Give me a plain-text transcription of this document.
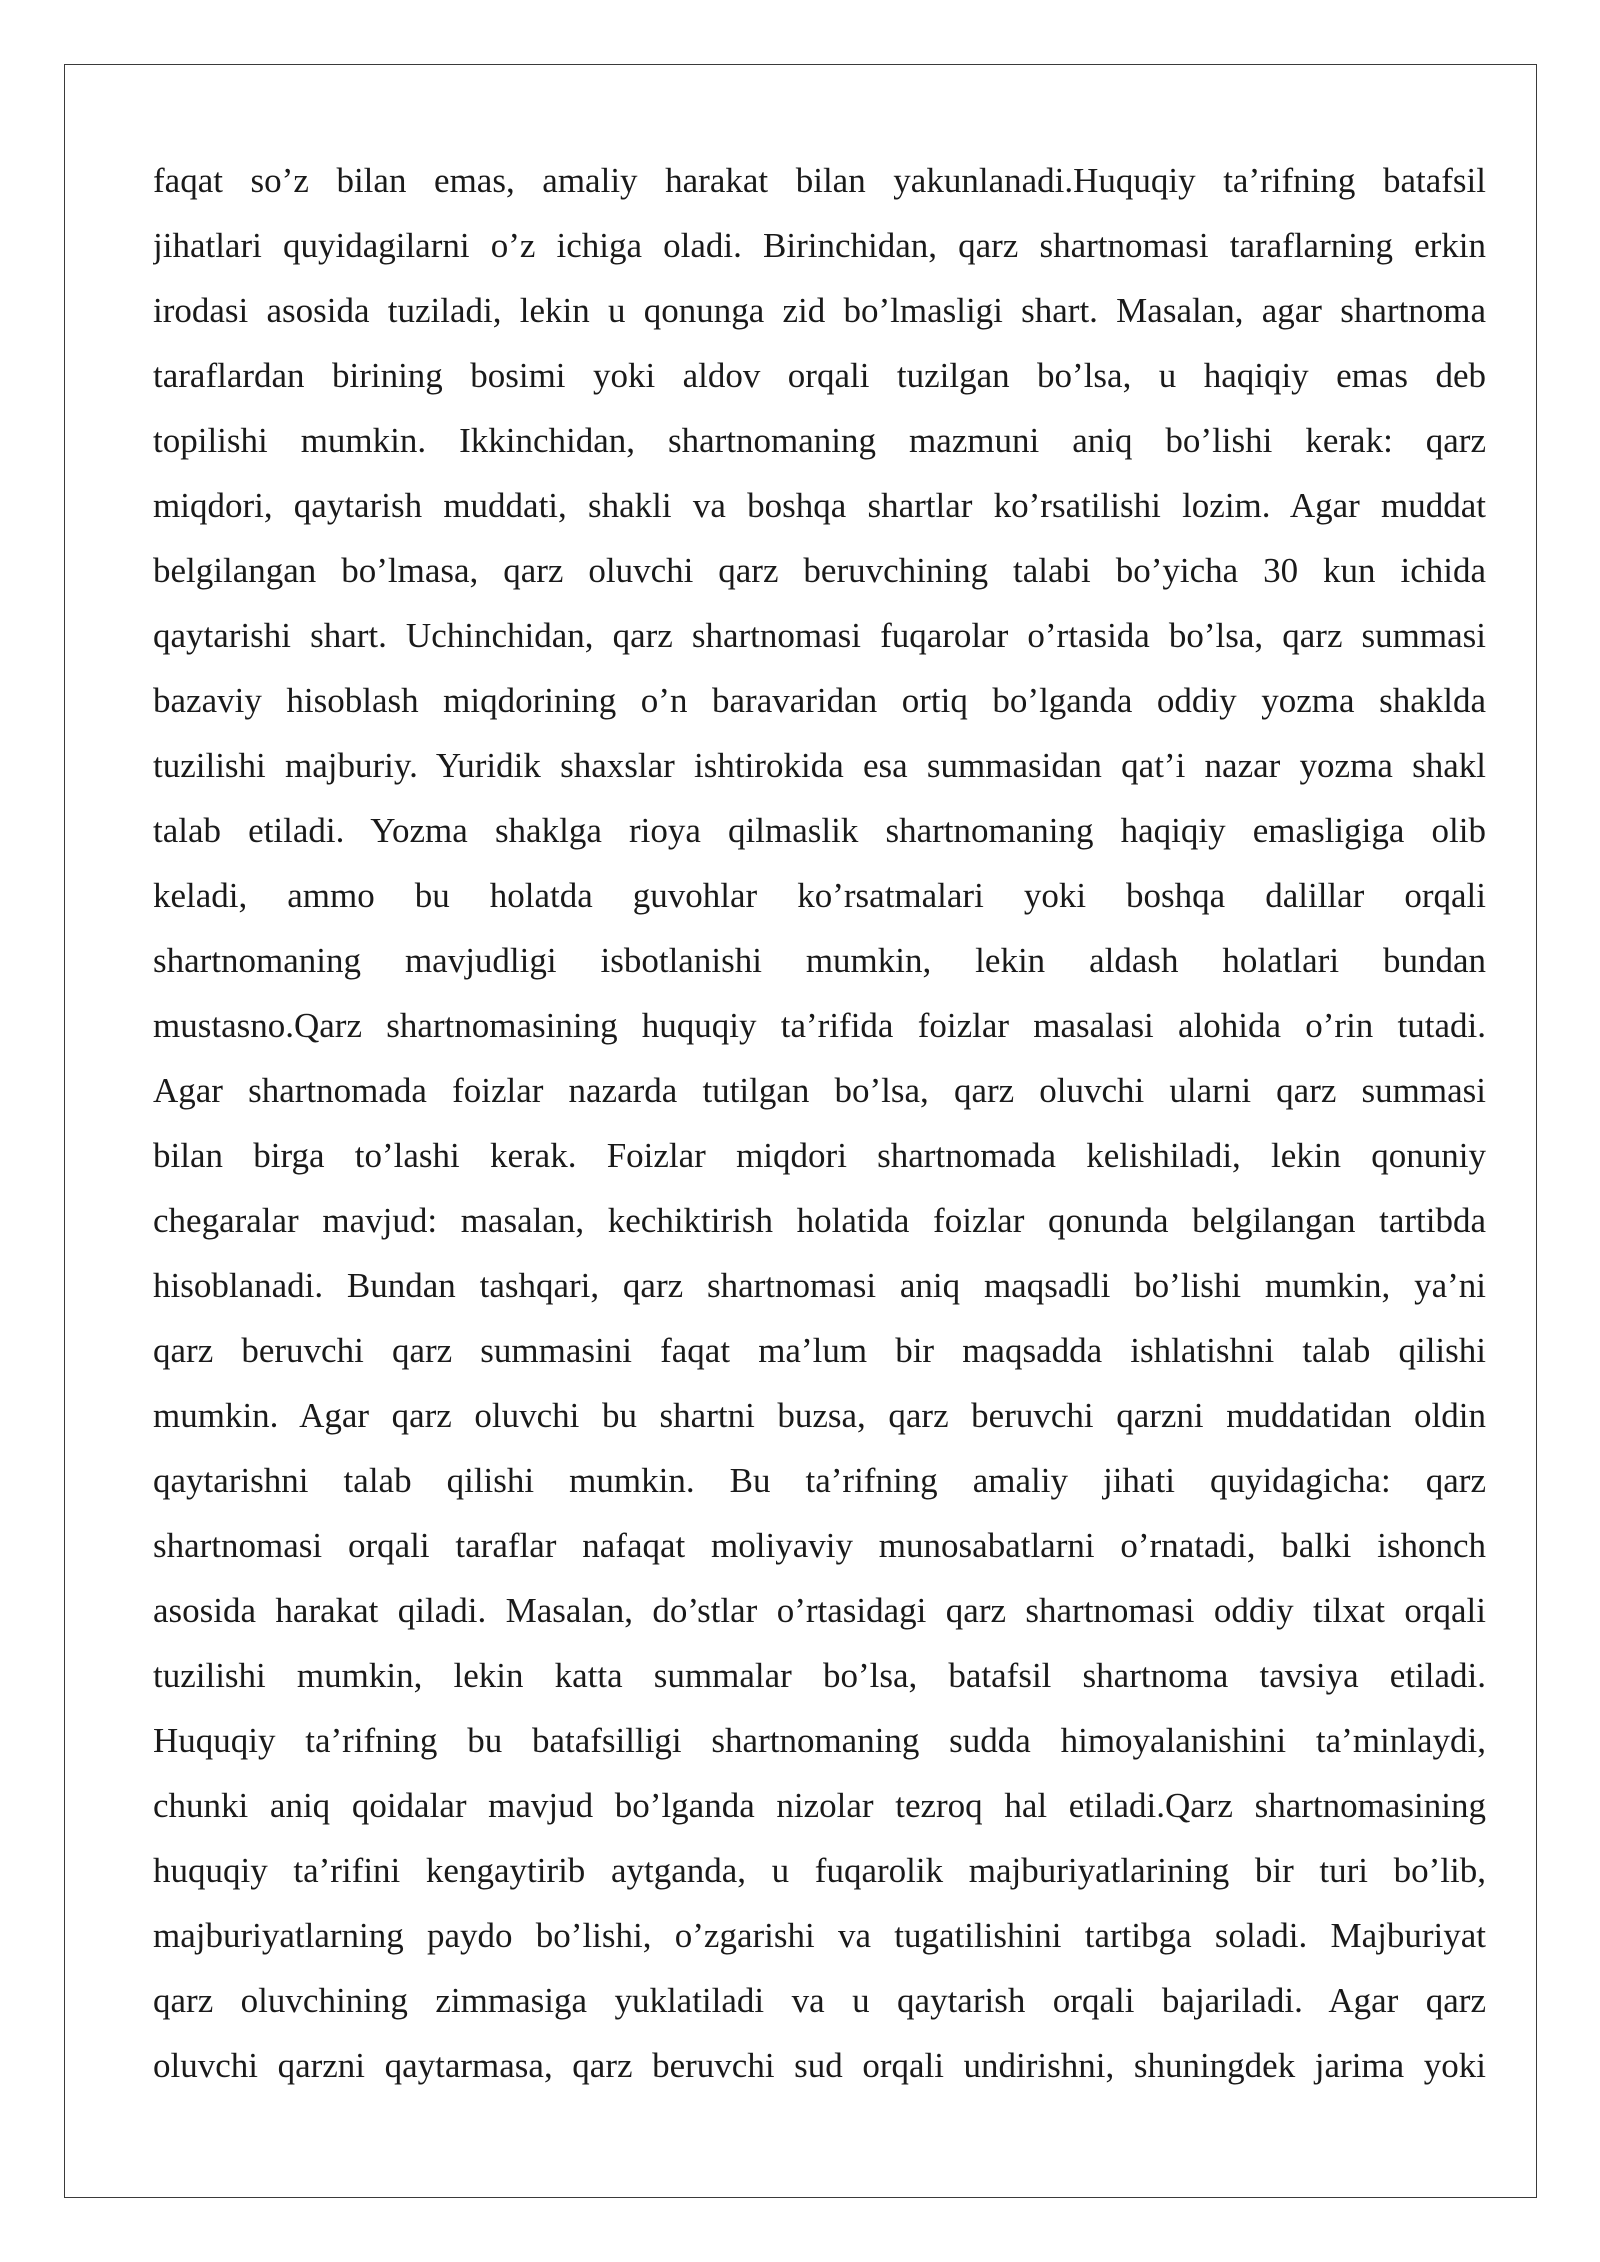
faqat so’z bilan emas, amaliy harakat bilan yakunlanadi.Huquqiy ta’rifning batafsil
jihatlari quyidagilarni o’z ichiga oladi. Birinchidan, qarz shartnomasi taraflarning erkin
irodasi asosida tuziladi, lekin u qonunga zid bo’lmasligi shart. Masalan, agar shartnoma
taraflardan birining bosimi yoki aldov orqali tuzilgan bo’lsa, u haqiqiy emas deb
topilishi mumkin. Ikkinchidan, shartnomaning mazmuni aniq bo’lishi kerak: qarz
miqdori, qaytarish muddati, shakli va boshqa shartlar ko’rsatilishi lozim. Agar muddat
belgilangan bo’lmasa, qarz oluvchi qarz beruvchining talabi bo’yicha 30 kun ichida
qaytarishi shart. Uchinchidan, qarz shartnomasi fuqarolar o’rtasida bo’lsa, qarz summasi
bazaviy hisoblash miqdorining o’n baravaridan ortiq bo’lganda oddiy yozma shaklda
tuzilishi majburiy. Yuridik shaxslar ishtirokida esa summasidan qat’i nazar yozma shakl
talab etiladi. Yozma shaklga rioya qilmaslik shartnomaning haqiqiy emasligiga olib
keladi, ammo bu holatda guvohlar ko’rsatmalari yoki boshqa dalillar orqali
shartnomaning mavjudligi isbotlanishi mumkin, lekin aldash holatlari bundan
mustasno.Qarz shartnomasining huquqiy ta’rifida foizlar masalasi alohida o’rin tutadi.
Agar shartnomada foizlar nazarda tutilgan bo’lsa, qarz oluvchi ularni qarz summasi
bilan birga to’lashi kerak. Foizlar miqdori shartnomada kelishiladi, lekin qonuniy
chegaralar mavjud: masalan, kechiktirish holatida foizlar qonunda belgilangan tartibda
hisoblanadi. Bundan tashqari, qarz shartnomasi aniq maqsadli bo’lishi mumkin, ya’ni
qarz beruvchi qarz summasini faqat ma’lum bir maqsadda ishlatishni talab qilishi
mumkin. Agar qarz oluvchi bu shartni buzsa, qarz beruvchi qarzni muddatidan oldin
qaytarishni talab qilishi mumkin. Bu ta’rifning amaliy jihati quyidagicha: qarz
shartnomasi orqali taraflar nafaqat moliyaviy munosabatlarni o’rnatadi, balki ishonch
asosida harakat qiladi. Masalan, do’stlar o’rtasidagi qarz shartnomasi oddiy tilxat orqali
tuzilishi mumkin, lekin katta summalar bo’lsa, batafsil shartnoma tavsiya etiladi.
Huquqiy ta’rifning bu batafsilligi shartnomaning sudda himoyalanishini ta’minlaydi,
chunki aniq qoidalar mavjud bo’lganda nizolar tezroq hal etiladi.Qarz shartnomasining
huquqiy ta’rifini kengaytirib aytganda, u fuqarolik majburiyatlarining bir turi bo’lib,
majburiyatlarning paydo bo’lishi, o’zgarishi va tugatilishini tartibga soladi. Majburiyat
qarz oluvchining zimmasiga yuklatiladi va u qaytarish orqali bajariladi. Agar qarz
oluvchi qarzni qaytarmasa, qarz beruvchi sud orqali undirishni, shuningdek jarima yoki
